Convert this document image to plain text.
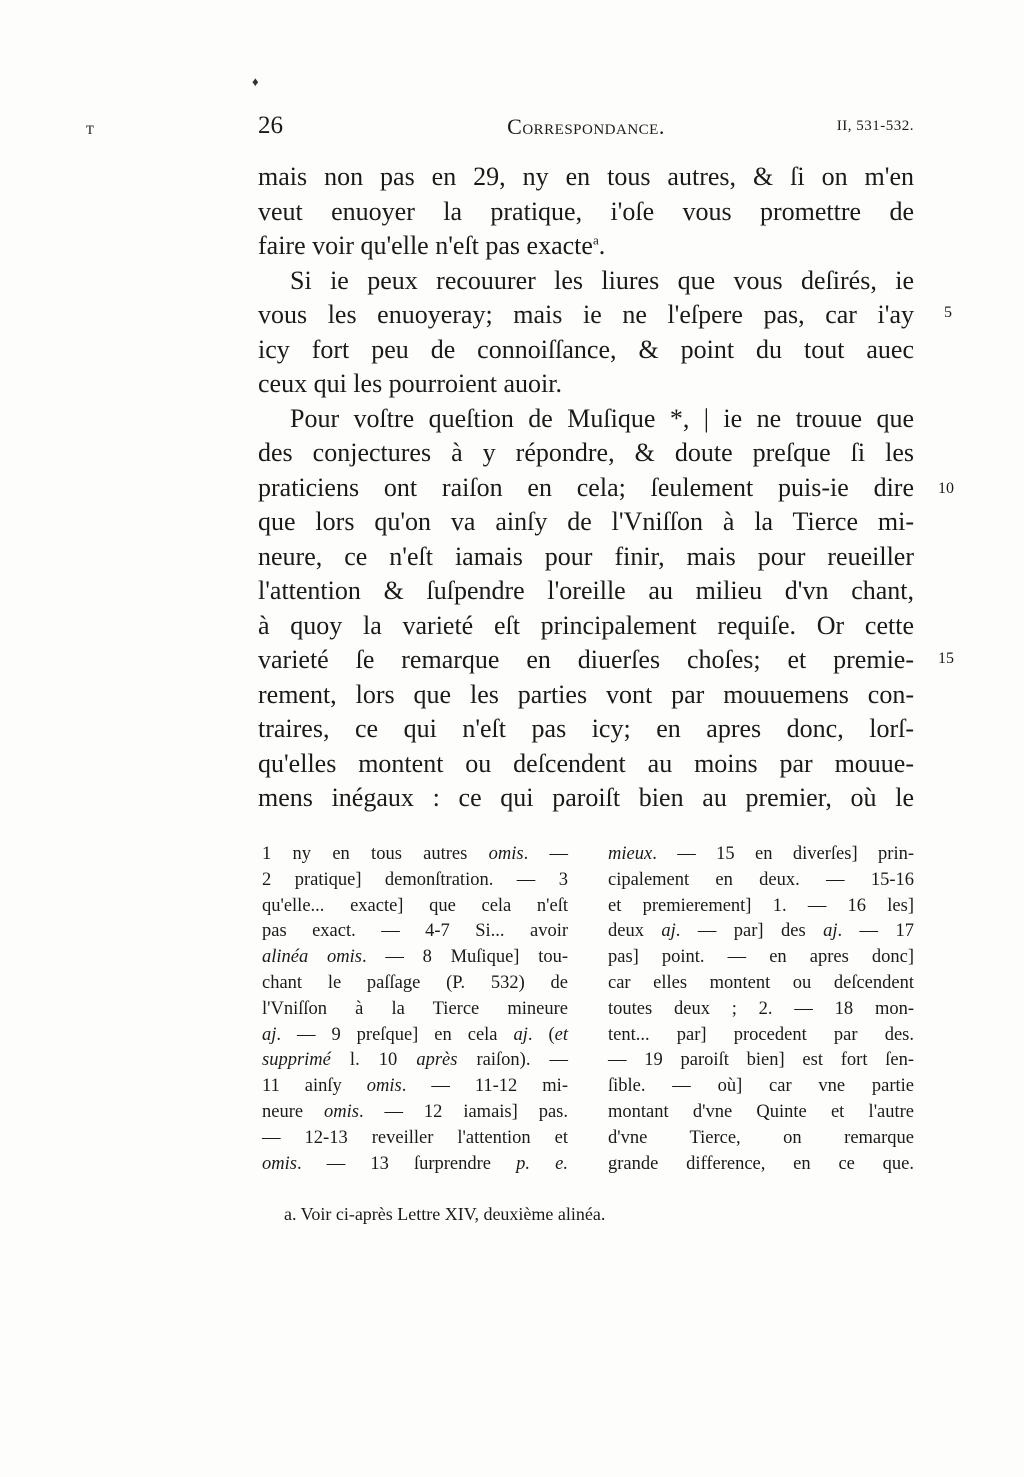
♦
ᴛ	26	Correspondance.	II, 531-532.
mais non pas en 29, ny en tous autres, & ſi on m'en
veut enuoyer la pratique, i'oſe vous promettre de
faire voir qu'elle n'eſt pas exacte$^a$.
Si ie peux recouurer les liures que vous deſirés, ie
vous les enuoyeray; mais ie ne l'eſpere pas, car i'ay
icy fort peu de connoiſſance, & point du tout auec
ceux qui les pourroient auoir.
Pour voſtre queſtion de Muſique *, | ie ne trouue que
des conjectures à y répondre, & doute preſque ſi les
praticiens ont raiſon en cela; ſeulement puis-ie dire
que lors qu'on va ainſy de l'Vniſſon à la Tierce mi-
neure, ce n'eſt iamais pour finir, mais pour reueiller
l'attention & ſuſpendre l'oreille au milieu d'vn chant,
à quoy la varieté eſt principalement requiſe. Or cette
varieté ſe remarque en diuerſes choſes; et premie-
rement, lors que les parties vont par mouuemens con-
traires, ce qui n'eſt pas icy; en apres donc, lorſ-
qu'elles montent ou deſcendent au moins par mouue-
mens inégaux : ce qui paroiſt bien au premier, où le
5
10
15
1 ny en tous autres omis. —
2 pratique] demonſtration. — 3
qu'elle... exacte] que cela n'eſt
pas exact. — 4-7 Si... avoir
alinéa omis. — 8 Muſique] tou-
chant le paſſage (P. 532) de
l'Vniſſon à la Tierce mineure
aj. — 9 preſque] en cela aj. (et
supprimé l. 10 après raiſon). —
11 ainſy omis. — 11-12 mi-
neure omis. — 12 iamais] pas.
— 12-13 reveiller l'attention et
omis. — 13 ſurprendre p. e.
mieux. — 15 en diverſes] prin-
cipalement en deux. — 15-16
et premierement] 1. — 16 les]
deux aj. — par] des aj. — 17
pas] point. — en apres donc]
car elles montent ou deſcendent
toutes deux ; 2. — 18 mon-
tent... par] procedent par des.
— 19 paroiſt bien] est fort ſen-
ſible. — où] car vne partie
montant d'vne Quinte et l'autre
d'vne Tierce, on remarque
grande difference, en ce que.
a. Voir ci-après Lettre XIV, deuxième alinéa.
